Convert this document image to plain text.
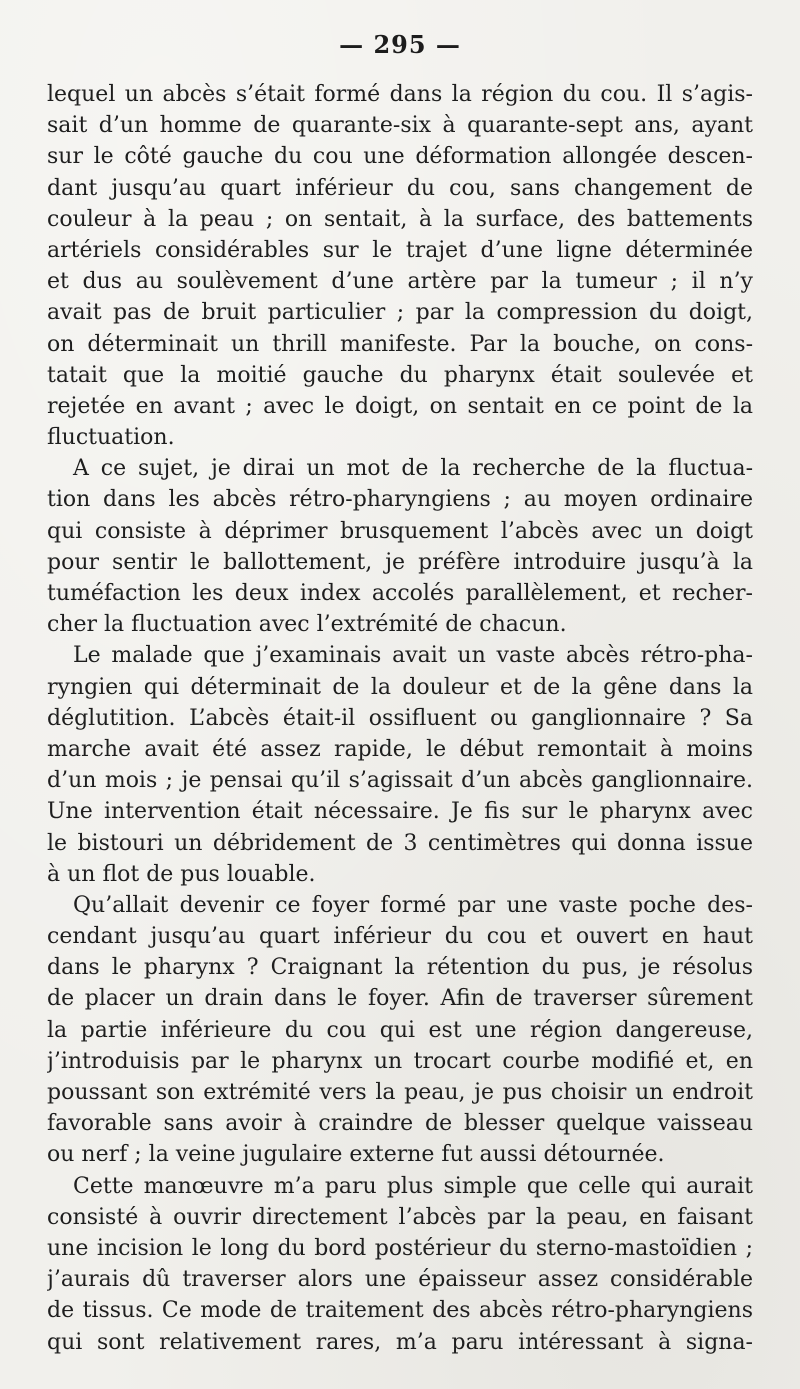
— 295 —
lequel un abcès s’était formé dans la région du cou. Il s’agis-
sait d’un homme de quarante-six à quarante-sept ans, ayant
sur le côté gauche du cou une déformation allongée descen-
dant jusqu’au quart inférieur du cou, sans changement de
couleur à la peau ; on sentait, à la surface, des battements
artériels considérables sur le trajet d’une ligne déterminée
et dus au soulèvement d’une artère par la tumeur ; il n’y
avait pas de bruit particulier ; par la compression du doigt,
on déterminait un thrill manifeste. Par la bouche, on cons-
tatait que la moitié gauche du pharynx était soulevée et
rejetée en avant ; avec le doigt, on sentait en ce point de la
fluctuation.
A ce sujet, je dirai un mot de la recherche de la fluctua-
tion dans les abcès rétro-pharyngiens ; au moyen ordinaire
qui consiste à déprimer brusquement l’abcès avec un doigt
pour sentir le ballottement, je préfère introduire jusqu’à la
tuméfaction les deux index accolés parallèlement, et recher-
cher la fluctuation avec l’extrémité de chacun.
Le malade que j’examinais avait un vaste abcès rétro-pha-
ryngien qui déterminait de la douleur et de la gêne dans la
déglutition. L’abcès était-il ossifluent ou ganglionnaire ? Sa
marche avait été assez rapide, le début remontait à moins
d’un mois ; je pensai qu’il s’agissait d’un abcès ganglionnaire.
Une intervention était nécessaire. Je fis sur le pharynx avec
le bistouri un débridement de 3 centimètres qui donna issue
à un flot de pus louable.
Qu’allait devenir ce foyer formé par une vaste poche des-
cendant jusqu’au quart inférieur du cou et ouvert en haut
dans le pharynx ? Craignant la rétention du pus, je résolus
de placer un drain dans le foyer. Afin de traverser sûrement
la partie inférieure du cou qui est une région dangereuse,
j’introduisis par le pharynx un trocart courbe modifié et, en
poussant son extrémité vers la peau, je pus choisir un endroit
favorable sans avoir à craindre de blesser quelque vaisseau
ou nerf ; la veine jugulaire externe fut aussi détournée.
Cette manœuvre m’a paru plus simple que celle qui aurait
consisté à ouvrir directement l’abcès par la peau, en faisant
une incision le long du bord postérieur du sterno-mastoïdien ;
j’aurais dû traverser alors une épaisseur assez considérable
de tissus. Ce mode de traitement des abcès rétro-pharyngiens
qui sont relativement rares, m’a paru intéressant à signa-
